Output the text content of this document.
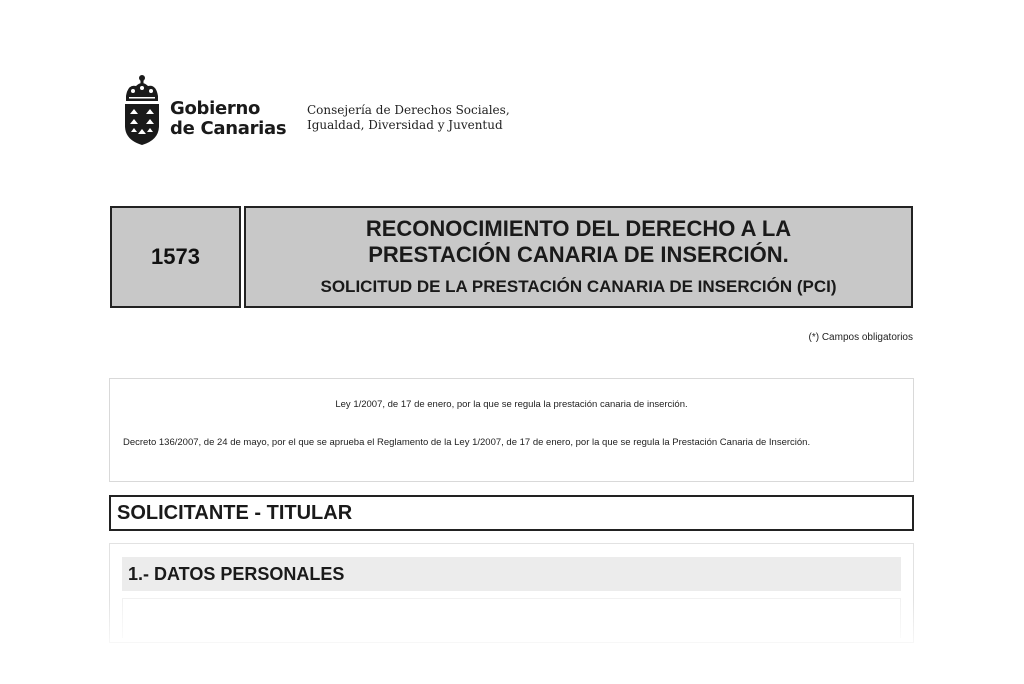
Gobierno
de Canarias
Consejería de Derechos Sociales,
Igualdad, Diversidad y Juventud
1573
RECONOCIMIENTO DEL DERECHO A LA
PRESTACIÓN CANARIA DE INSERCIÓN.
SOLICITUD DE LA PRESTACIÓN CANARIA DE INSERCIÓN (PCI)
(*) Campos obligatorios
Ley 1/2007, de 17 de enero, por la que se regula la prestación canaria de inserción.
Decreto 136/2007, de 24 de mayo, por el que se aprueba el Reglamento de la Ley 1/2007, de 17 de enero, por la que se regula la Prestación Canaria de Inserción.
SOLICITANTE - TITULAR
1.- DATOS PERSONALES
